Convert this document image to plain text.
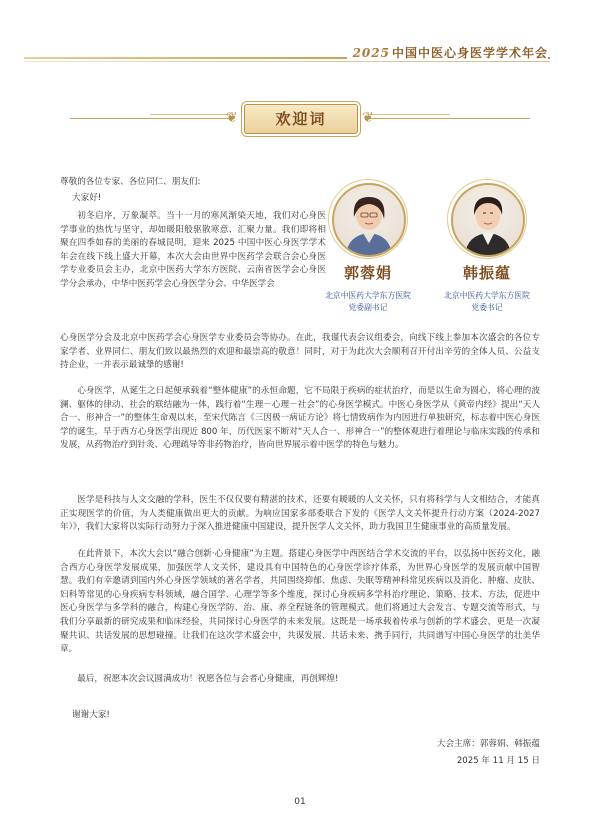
2025 中国中医心身医学学术年会
❦	❦
欢迎词
郭蓉娟	韩振蕴
北京中医药大学东方医院
党委副书记
北京中医药大学东方医院
党委书记

尊敬的各位专家、各位同仁、朋友们:

大家好!

初冬启序，万象凝萃。当十一月的寒风渐染天地，我们对心身医学事业的热忱与坚守，却如暖阳般驱散寒意、汇聚力量。我们即将相聚在四季如春的美丽的春城昆明，迎来 2025 中国中医心身医学学术年会在线下线上盛大开幕，本次大会由世界中医药学会联合会心身医学专业委员会主办，北京中医药大学东方医院、云南省医学会心身医学分会承办，中华中医药学会心身医学分会、中华医学会

心身医学分会及北京中医药学会心身医学专业委员会等协办。在此，我谨代表会议组委会，向线下线上参加本次盛会的各位专家学者、业界同仁、朋友们致以最热烈的欢迎和最崇高的敬意！同时，对于为此次大会顺利召开付出辛劳的全体人员、公益支持企业，一并表示最诚挚的感谢!

心身医学，从诞生之日起便承载着“整体健康”的永恒命题，它不局限于疾病的症状治疗，而是以生命为圆心，将心理的波澜、躯体的律动、社会的联结融为一体，践行着“生理－心理－社会”的心身医学模式。中医心身医学从《黄帝内经》提出“天人合一、形神合一”的整体生命观以来，至宋代陈言《三因极一病证方论》将七情致病作为内因进行单独研究，标志着中医心身医学的诞生，早于西方心身医学出现近 800 年，历代医家不断对“天人合一、形神合一”的整体观进行着理论与临床实践的传承和发展，从药物治疗到针灸、心理疏导等非药物治疗，皆向世界展示着中医学的特色与魅力。

医学是科技与人文交融的学科，医生不仅仅要有精湛的技术，还要有暖暖的人文关怀，只有将科学与人文相结合，才能真正实现医学的价值，为人类健康做出更大的贡献。为响应国家多部委联合下发的《医学人文关怀提升行动方案（2024-2027年）》，我们大家将以实际行动努力于深入推进健康中国建设，提升医学人文关怀，助力我国卫生健康事业的高质量发展。

在此背景下，本次大会以“融合创新·心身健康”为主题。搭建心身医学中西医结合学术交流的平台，以弘扬中医药文化，融合西方心身医学发展成果，加强医学人文关怀，建设具有中国特色的心身医学诊疗体系，为世界心身医学的发展贡献中国智慧。我们有幸邀请到国内外心身医学领域的著名学者，共同围绕抑郁、焦虑、失眠等精神科常见疾病以及消化、肿瘤、皮肤、妇科等常见的心身疾病专科领域，融合国学、心理学等多个维度，探讨心身疾病多学科治疗理论、策略、技术、方法，促进中医心身医学与多学科的融合，构建心身医学防、治、康、养全程链条的管理模式。他们将通过大会发言、专题交流等形式，与我们分享最新的研究成果和临床经验，共同探讨心身医学的未来发展。这既是一场承载着传承与创新的学术盛会，更是一次凝聚共识、共话发展的思想碰撞。让我们在这次学术盛会中，共谋发展、共话未来、携手同行，共同谱写中国心身医学的壮美华章。

最后，祝愿本次会议圆满成功！祝愿各位与会者心身健康，再创辉煌!

谢谢大家!

大会主席：郭蓉娟、韩振蕴
2025 年 11 月 15 日
01
